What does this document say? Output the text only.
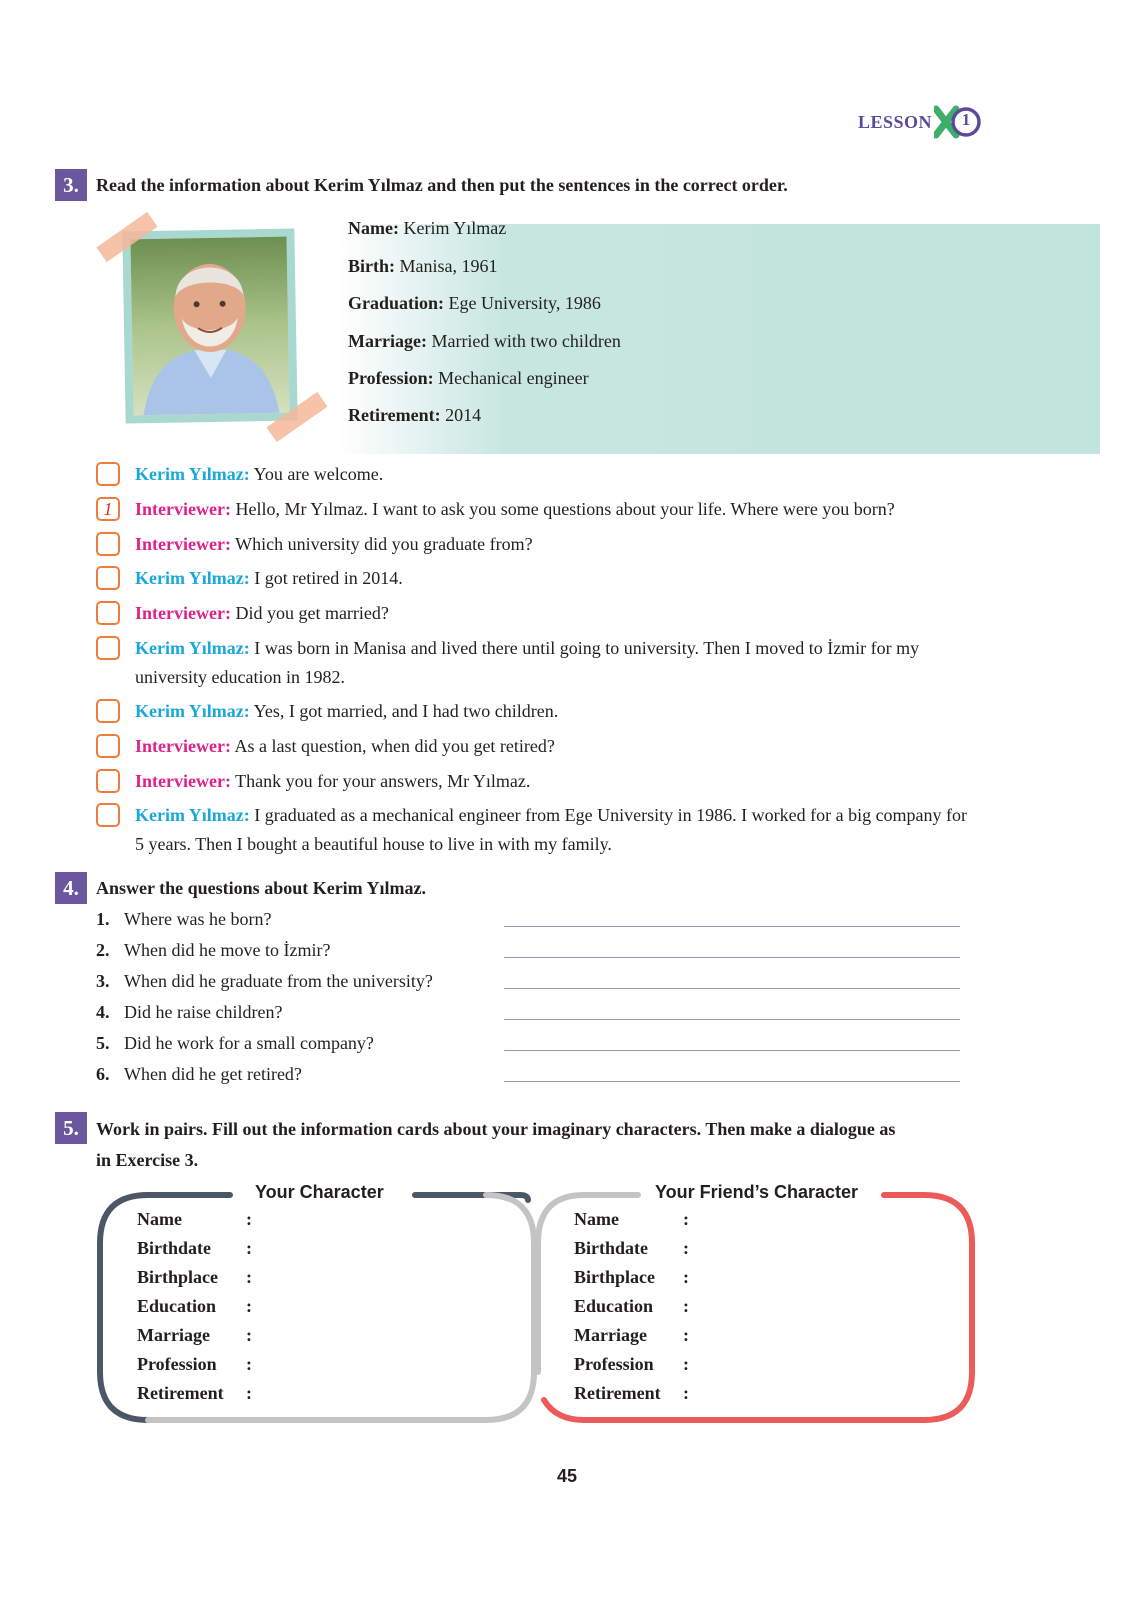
LESSON 1
3. Read the information about Kerim Yılmaz and then put the sentences in the correct order.
Name: Kerim Yılmaz
Birth: Manisa, 1961
Graduation: Ege University, 1986
Marriage: Married with two children
Profession: Mechanical engineer
Retirement: 2014
Kerim Yılmaz: You are welcome.
1	Interviewer: Hello, Mr Yılmaz. I want to ask you some questions about your life. Where were you born?
Interviewer: Which university did you graduate from?
Kerim Yılmaz: I got retired in 2014.
Interviewer: Did you get married?
Kerim Yılmaz: I was born in Manisa and lived there until going to university. Then I moved to İzmir for my university education in 1982.
Kerim Yılmaz: Yes, I got married, and I had two children.
Interviewer: As a last question, when did you get retired?
Interviewer: Thank you for your answers, Mr Yılmaz.
Kerim Yılmaz: I graduated as a mechanical engineer from Ege University in 1986. I worked for a big company for 5 years. Then I bought a beautiful house to live in with my family.
4. Answer the questions about Kerim Yılmaz.
1. Where was he born?
2. When did he move to İzmir?
3. When did he graduate from the university?
4. Did he raise children?
5. Did he work for a small company?
6. When did he get retired?
5. Work in pairs. Fill out the information cards about your imaginary characters. Then make a dialogue as
in Exercise 3.
Your Character	Your Friend’s Character
Name
Birthdate
Birthplace
Education
Marriage
Profession
Retirement
:
:
:
:
:
:
:
Name
Birthdate
Birthplace
Education
Marriage
Profession
Retirement
:
:
:
:
:
:
:
45
